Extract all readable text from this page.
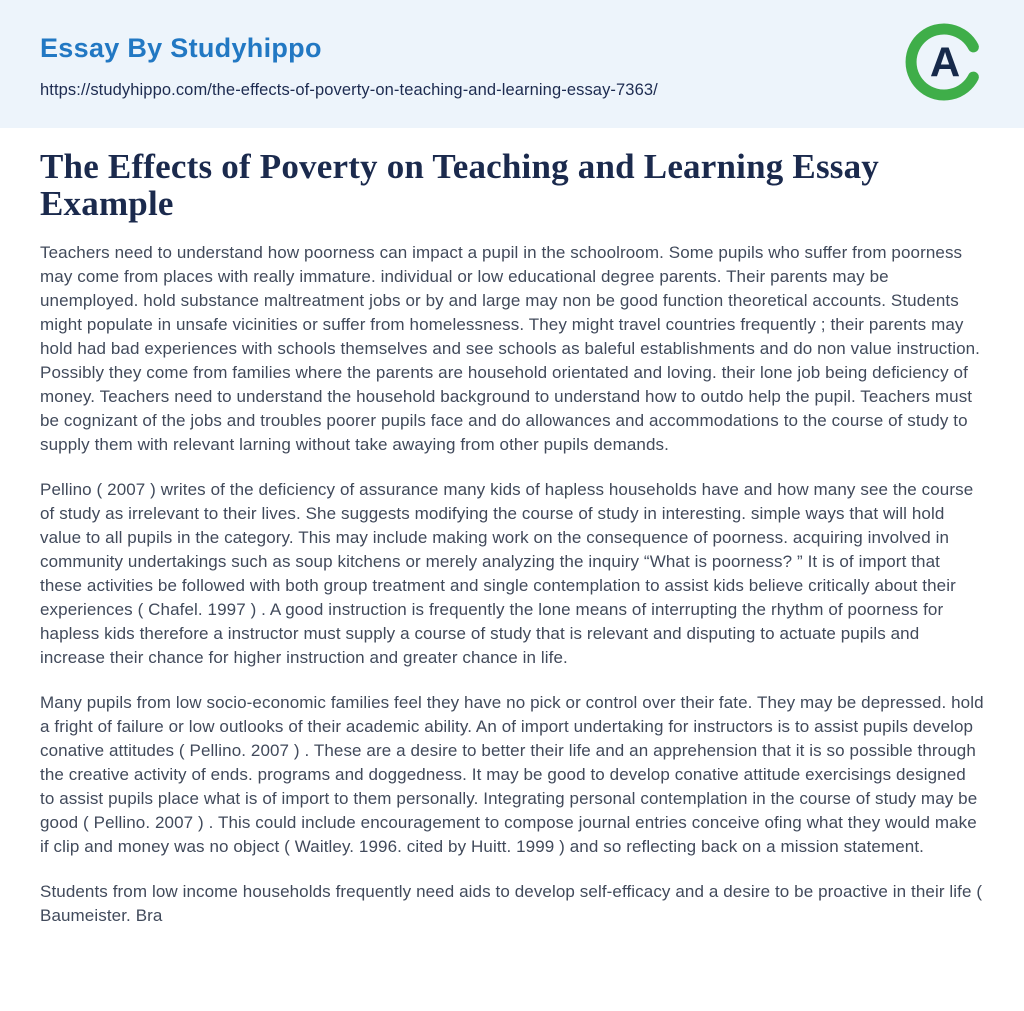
Essay By Studyhippo
https://studyhippo.com/the-effects-of-poverty-on-teaching-and-learning-essay-7363/
A
The Effects of Poverty on Teaching and Learning Essay Example

Teachers need to understand how poorness can impact a pupil in the schoolroom. Some pupils who suffer from poorness may come from places with really immature. individual or low educational degree parents. Their parents may be unemployed. hold substance maltreatment jobs or by and large may non be good function theoretical accounts. Students might populate in unsafe vicinities or suffer from homelessness. They might travel countries frequently ; their parents may hold had bad experiences with schools themselves and see schools as baleful establishments and do non value instruction. Possibly they come from families where the parents are household orientated and loving. their lone job being deficiency of money. Teachers need to understand the household background to understand how to outdo help the pupil. Teachers must be cognizant of the jobs and troubles poorer pupils face and do allowances and accommodations to the course of study to supply them with relevant larning without take awaying from other pupils demands.

Pellino ( 2007 ) writes of the deficiency of assurance many kids of hapless households have and how many see the course of study as irrelevant to their lives. She suggests modifying the course of study in interesting. simple ways that will hold value to all pupils in the category. This may include making work on the consequence of poorness. acquiring involved in community undertakings such as soup kitchens or merely analyzing the inquiry “What is poorness? ” It is of import that these activities be followed with both group treatment and single contemplation to assist kids believe critically about their experiences ( Chafel. 1997 ) . A good instruction is frequently the lone means of interrupting the rhythm of poorness for hapless kids therefore a instructor must supply a course of study that is relevant and disputing to actuate pupils and increase their chance for higher instruction and greater chance in life.

Many pupils from low socio-economic families feel they have no pick or control over their fate. They may be depressed. hold a fright of failure or low outlooks of their academic ability. An of import undertaking for instructors is to assist pupils develop conative attitudes ( Pellino. 2007 ) . These are a desire to better their life and an apprehension that it is so possible through the creative activity of ends. programs and doggedness. It may be good to develop conative attitude exercisings designed to assist pupils place what is of import to them personally. Integrating personal contemplation in the course of study may be good ( Pellino. 2007 ) . This could include encouragement to compose journal entries conceive ofing what they would make if clip and money was no object ( Waitley. 1996. cited by Huitt. 1999 ) and so reflecting back on a mission statement.

Students from low income households frequently need aids to develop self-efficacy and a desire to be proactive in their life ( Baumeister. Bra
